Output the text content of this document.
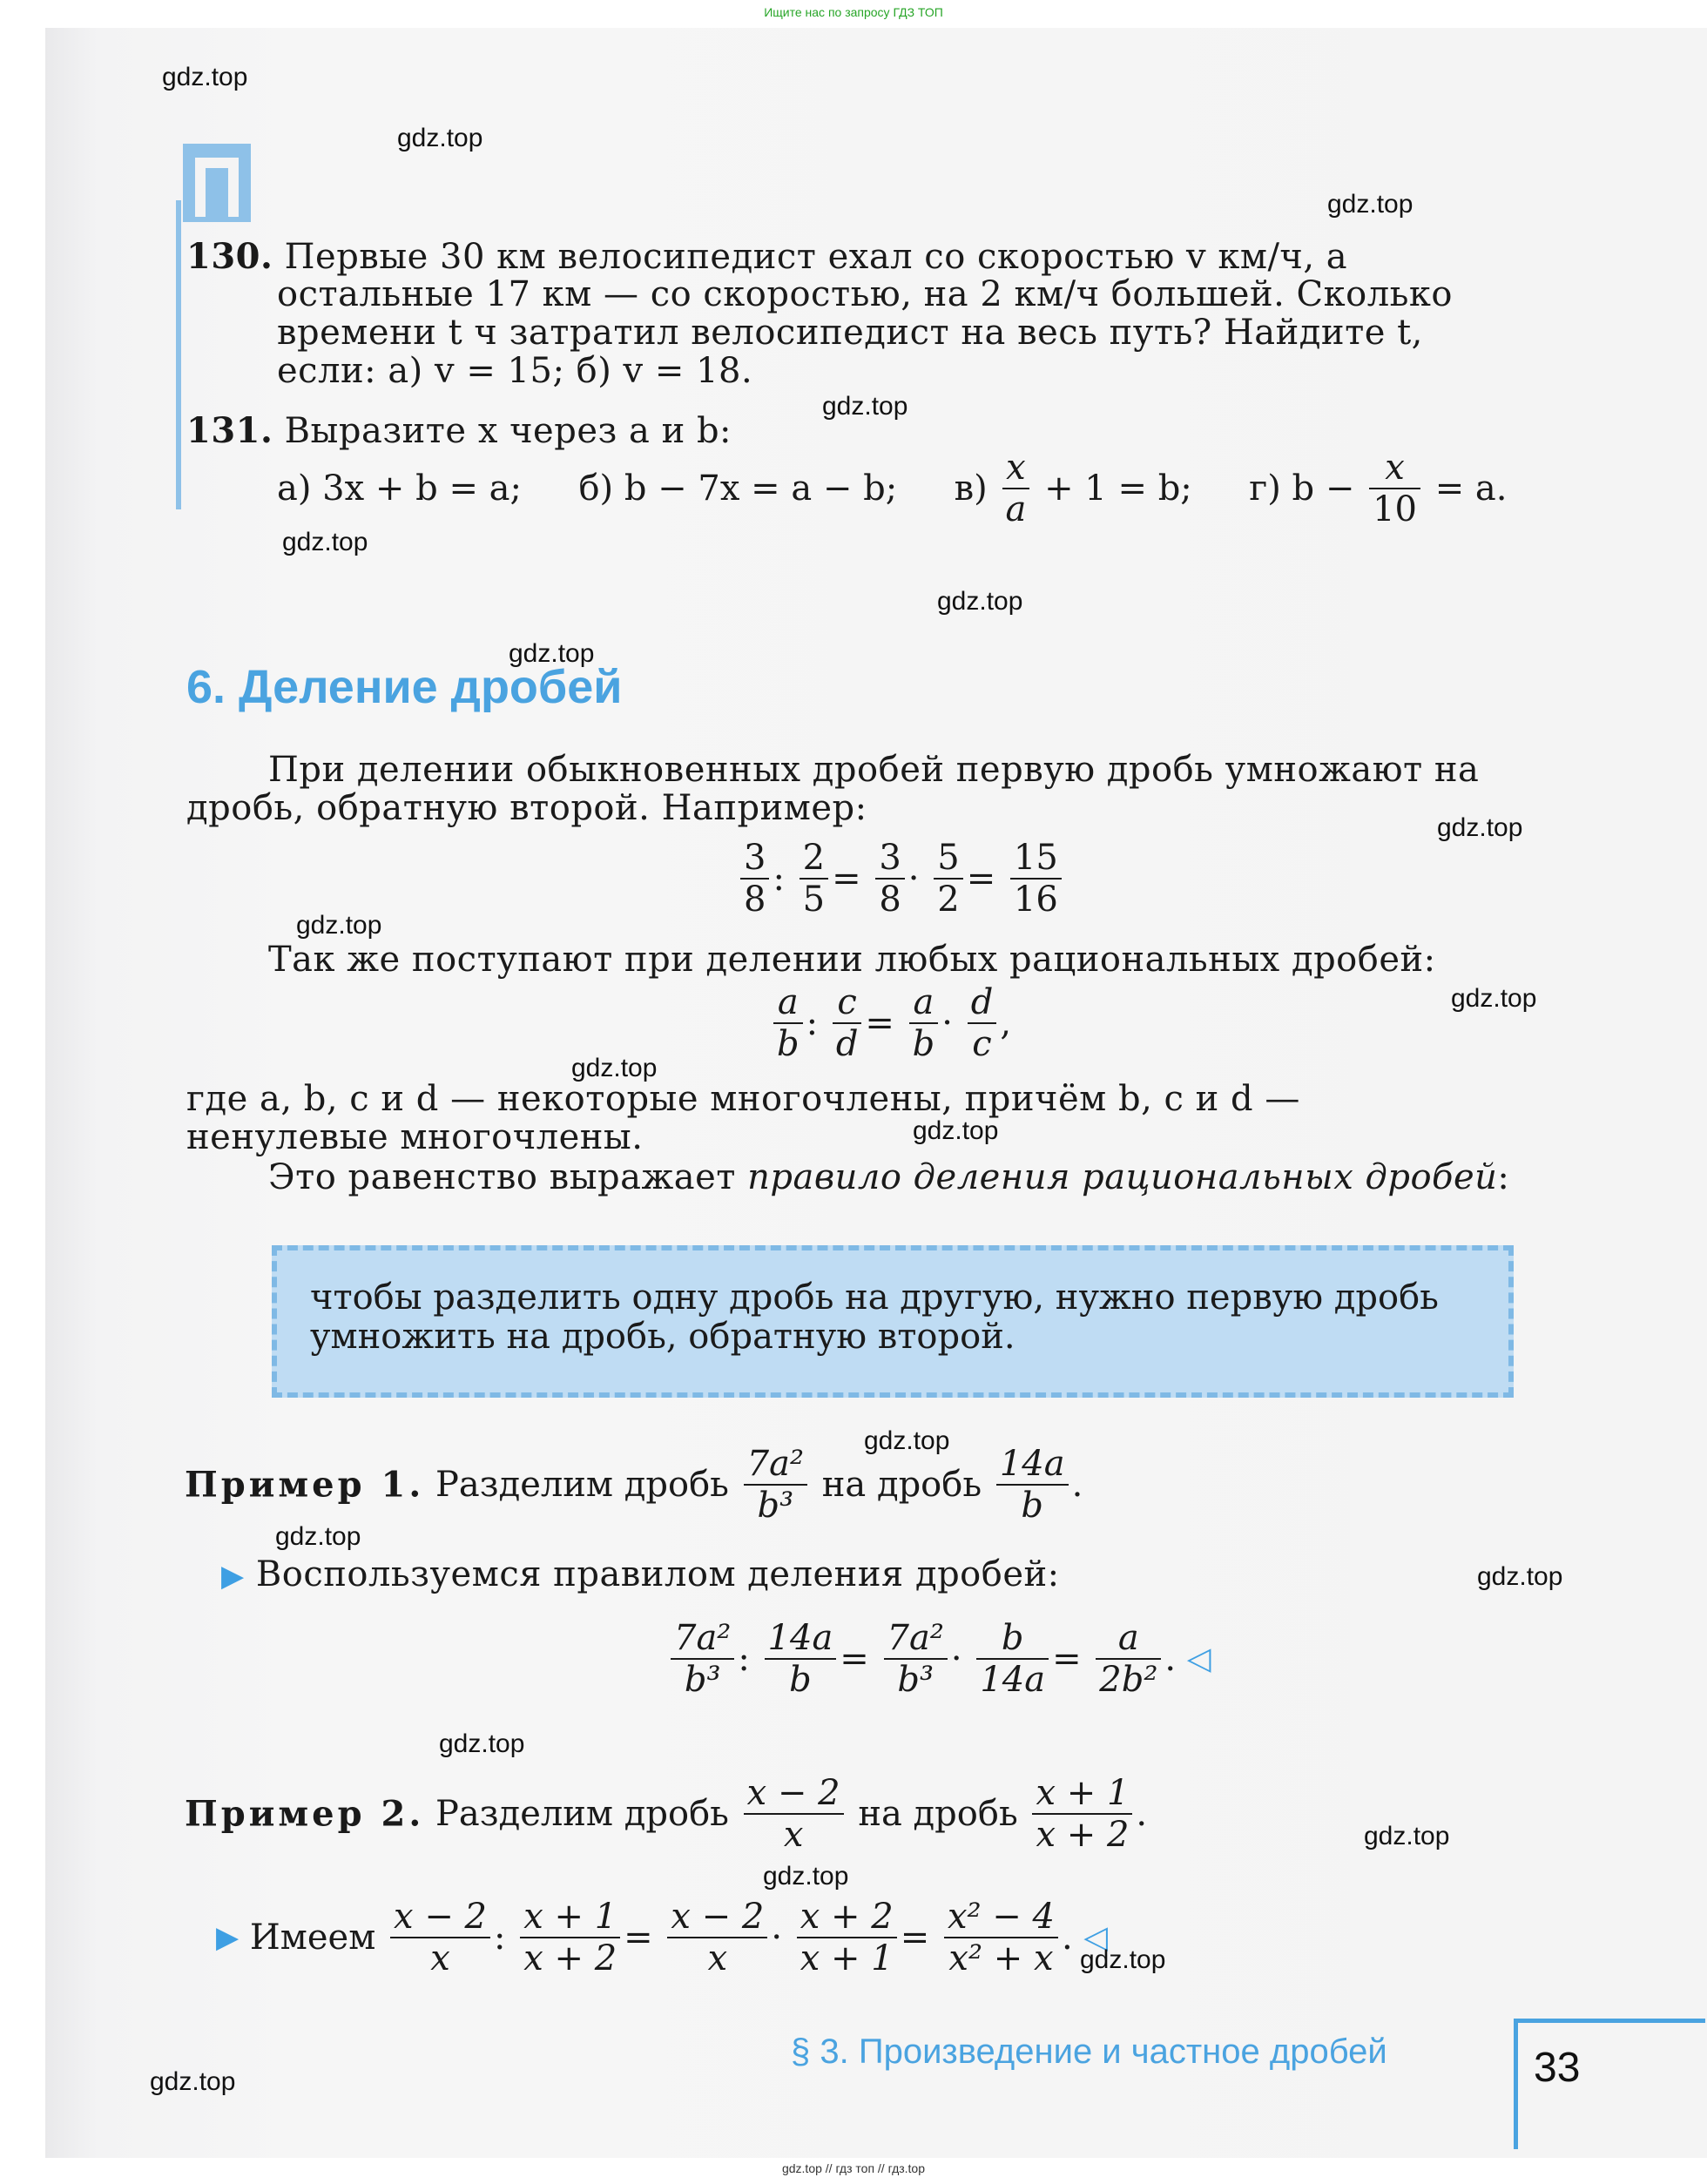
Ищите нас по запросу ГДЗ ТОП
130. Первые 30 км велосипедист ехал со скоростью v км/ч, а
остальные 17 км — со скоростью, на 2 км/ч большей. Сколько
времени t ч затратил велосипедист на весь путь? Найдите t,
если: а) v = 15; б) v = 18.
131. Выразите x через a и b:
а) 3x + b = a; б) b − 7x = a − b; $в) \frac{x}{a} + 1 = b$; г) $b - \frac{x}{10} = a$.
6. Деление дробей
При делении обыкновенных дробей первую дробь умножают на
дробь, обратную второй. Например:
$\frac{3}{8}$ : $\frac{2}{5} = \frac{3}{8} \cdot \frac{5}{2} = \frac{15}{16}$
Так же поступают при делении любых рациональных дробей:
$\frac{a}{b}$ : $\frac{c}{d} = \frac{a}{b} \cdot \frac{d}{c}$ ,
где a, b, c и d — некоторые многочлены, причём b, c и d —
ненулевые многочлены.
Это равенство выражает правило деления рациональных дробей:
чтобы разделить одну дробь на другую, нужно первую дробь
умножить на дробь, обратную второй.
Пример 1. Разделим дробь $\frac{\text{7a²}}{\text{b³}}$ на дробь $\frac{14a}{b}$ .
▶ Воспользуемся правилом деления дробей:
$\frac{\text{7a²}}{\text{b³}}$ : $\frac{14a}{b} = \frac{\text{7a²}}{\text{b³}} \cdot \frac{b}{14a} = \frac{a}{\text{2b²}}$ . ◁
Пример 2. Разделим дробь $\frac{x - 2}{x}$ на дробь $\frac{x + 1}{x + 2}$ .
▶ Имеем $\frac{x - 2}{x}$ : $\frac{x + 1}{x + 2} = \frac{x - 2}{x} \cdot \frac{x + 2}{x + 1} = \frac{\text{x² − 4}}{\text{x² + x}}$ . ◁
§ 3. Произведение и частное дробей	33
gdz.top
gdz.top
gdz.top
gdz.top
gdz.top
gdz.top
gdz.top
gdz.top
gdz.top
gdz.top
gdz.top
gdz.top
gdz.top
gdz.top
gdz.top
gdz.top
gdz.top
gdz.top
gdz.top
gdz.top
gdz.top // гдз топ // гдз.top
